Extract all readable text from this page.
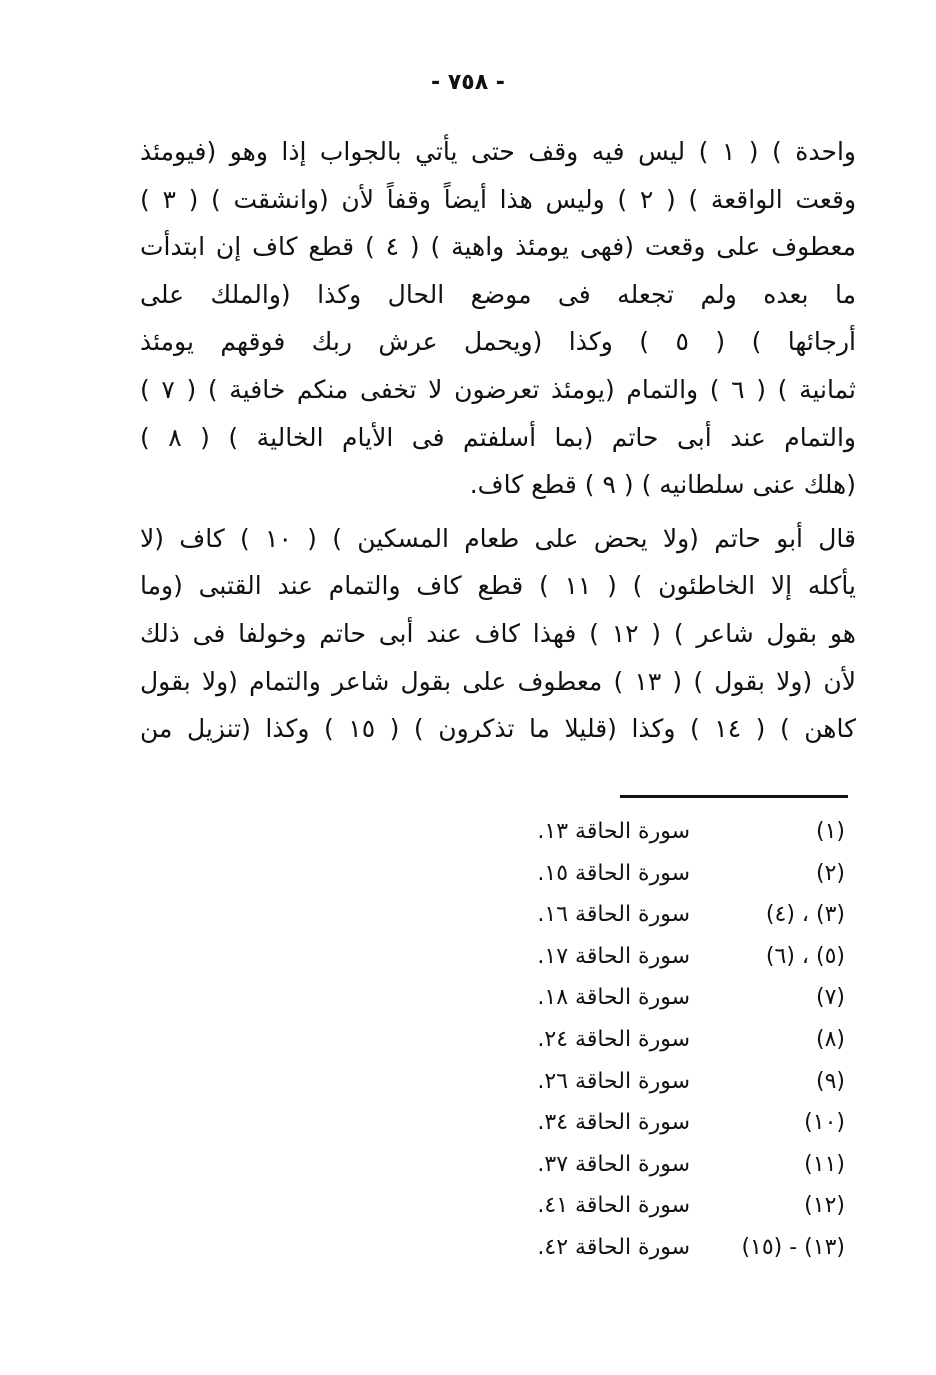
- ٧٥٨ -
واحدة ) ( ١ ) ليس فيه وقف حتى يأتي بالجواب إذا وهو (فيومئذ
وقعت الواقعة ) ( ٢ ) وليس هذا أيضاً وقفاً لأن (وانشقت ) ( ٣ )
معطوف على وقعت (فهى يومئذ واهية ) ( ٤ ) قطع كاف إن ابتدأت
ما بعده ولم تجعله فى موضع الحال وكذا (والملك على
أرجائها ) ( ٥ ) وكذا (ويحمل عرش ربك فوقهم يومئذ
ثمانية ) ( ٦ ) والتمام (يومئذ تعرضون لا تخفى منكم خافية ) ( ٧ )
والتمام عند أبى حاتم (بما أسلفتم فى الأيام الخالية ) ( ٨ )
(هلك عنى سلطانيه ) ( ٩ ) قطع كاف.
قال أبو حاتم (ولا يحض على طعام المسكين ) ( ١٠ ) كاف (لا
يأكله إلا الخاطئون ) ( ١١ ) قطع كاف والتمام عند القتبى (وما
هو بقول شاعر ) ( ١٢ ) فهذا كاف عند أبى حاتم وخولفا فى ذلك
لأن (ولا بقول ) ( ١٣ ) معطوف على بقول شاعر والتمام (ولا بقول
كاهن ) ( ١٤ ) وكذا (قليلا ما تذكرون ) ( ١٥ ) وكذا (تنزيل من
(١)
سورة الحاقة ١٣.
(٢)
سورة الحاقة ١٥.
(٣) ، (٤)
سورة الحاقة ١٦.
(٥) ، (٦)
سورة الحاقة ١٧.
(٧)
سورة الحاقة ١٨.
(٨)
سورة الحاقة ٢٤.
(٩)
سورة الحاقة ٢٦.
(١٠)
سورة الحاقة ٣٤.
(١١)
سورة الحاقة ٣٧.
(١٢)
سورة الحاقة ٤١.
(١٣) - (١٥)
سورة الحاقة ٤٢.
